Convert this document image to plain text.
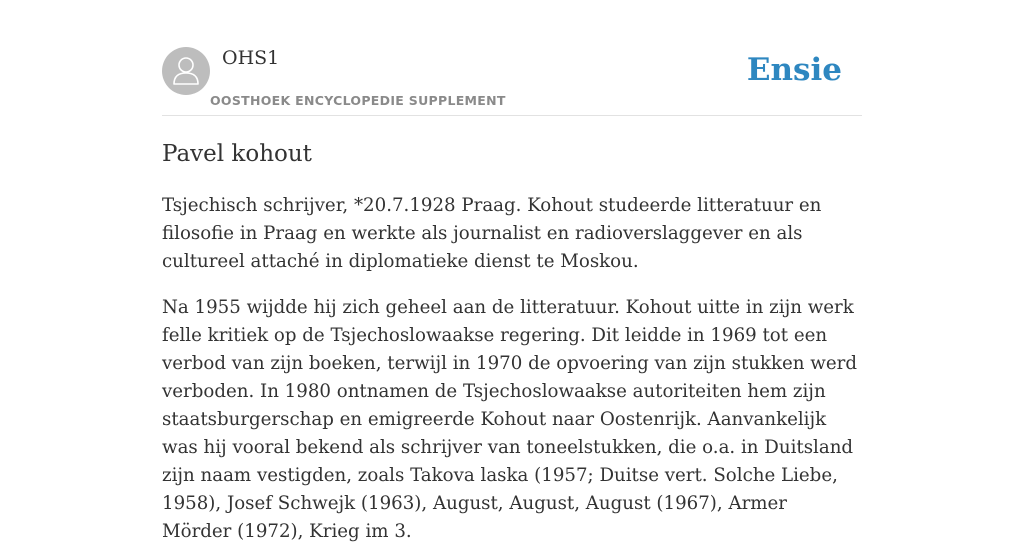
OHS1
OOSTHOEK ENCYCLOPEDIE SUPPLEMENT
Ensie
Pavel kohout

Tsjechisch schrijver, *20.7.1928 Praag. Kohout studeerde litteratuur en filosofie in Praag en werkte als journalist en radioverslaggever en als cultureel attaché in diplomatieke dienst te Moskou.

Na 1955 wijdde hij zich geheel aan de litteratuur. Kohout uitte in zijn werk felle kritiek op de Tsjechoslowaakse regering. Dit leidde in 1969 tot een verbod van zijn boeken, terwijl in 1970 de opvoering van zijn stukken werd verboden. In 1980 ontnamen de Tsjechoslowaakse autoriteiten hem zijn staatsburgerschap en emigreerde Kohout naar Oostenrijk. Aanvankelijk was hij vooral bekend als schrijver van toneelstukken, die o.a. in Duitsland zijn naam vestigden, zoals Takova laska (1957; Duitse vert. Solche Liebe, 1958), Josef Schwejk (1963), August, August, August (1967), Armer Mörder (1972), Krieg im 3.
